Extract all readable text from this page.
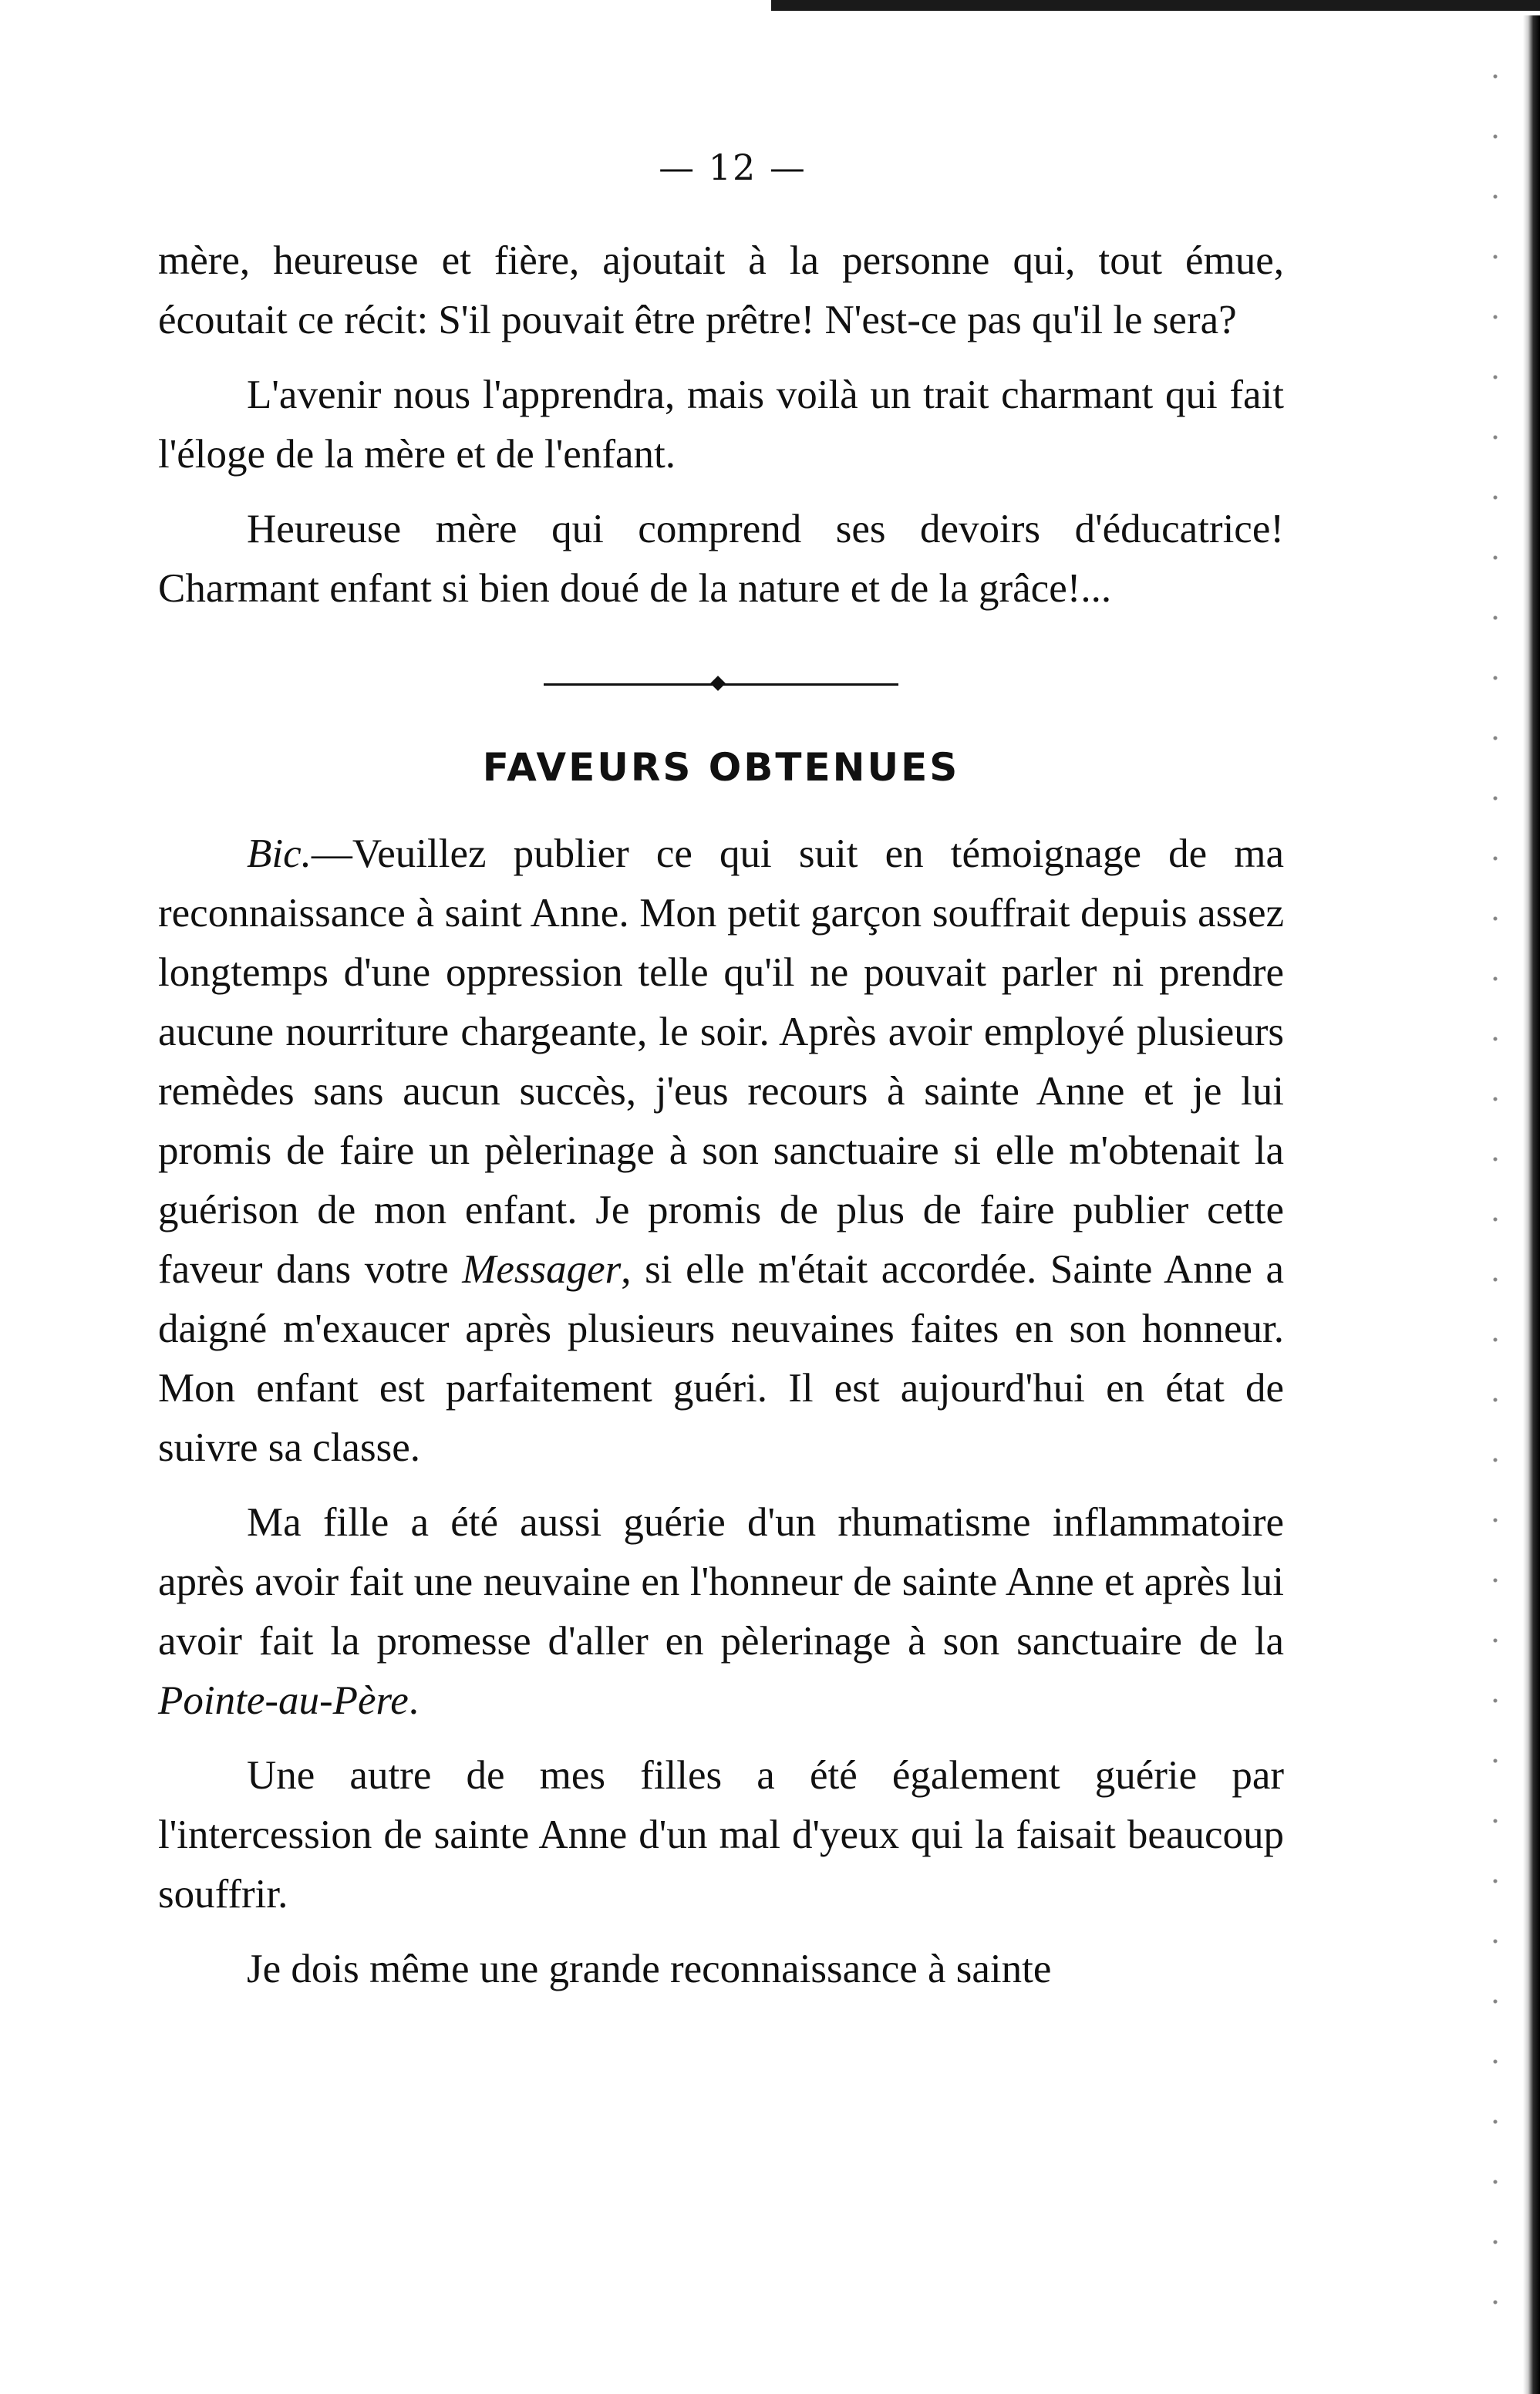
— 12 —

mère, heureuse et fière, ajoutait à la personne qui, tout émue, écoutait ce récit: S'il pouvait être prêtre! N'est-ce pas qu'il le sera?

L'avenir nous l'apprendra, mais voilà un trait charmant qui fait l'éloge de la mère et de l'enfant.

Heureuse mère qui comprend ses devoirs d'éducatrice! Charmant enfant si bien doué de la nature et de la grâce!...

FAVEURS OBTENUES

Bic.—Veuillez publier ce qui suit en témoignage de ma reconnaissance à saint Anne. Mon petit garçon souffrait depuis assez longtemps d'une oppression telle qu'il ne pouvait parler ni prendre aucune nourriture chargeante, le soir. Après avoir employé plusieurs remèdes sans aucun succès, j'eus recours à sainte Anne et je lui promis de faire un pèlerinage à son sanctuaire si elle m'obtenait la guérison de mon enfant. Je promis de plus de faire publier cette faveur dans votre Messager, si elle m'était accordée. Sainte Anne a daigné m'exaucer après plusieurs neuvaines faites en son honneur. Mon enfant est parfaitement guéri. Il est aujourd'hui en état de suivre sa classe.

Ma fille a été aussi guérie d'un rhumatisme inflammatoire après avoir fait une neuvaine en l'honneur de sainte Anne et après lui avoir fait la promesse d'aller en pèlerinage à son sanctuaire de la Pointe-au-Père.

Une autre de mes filles a été également guérie par l'intercession de sainte Anne d'un mal d'yeux qui la faisait beaucoup souffrir.

Je dois même une grande reconnaissance à sainte
